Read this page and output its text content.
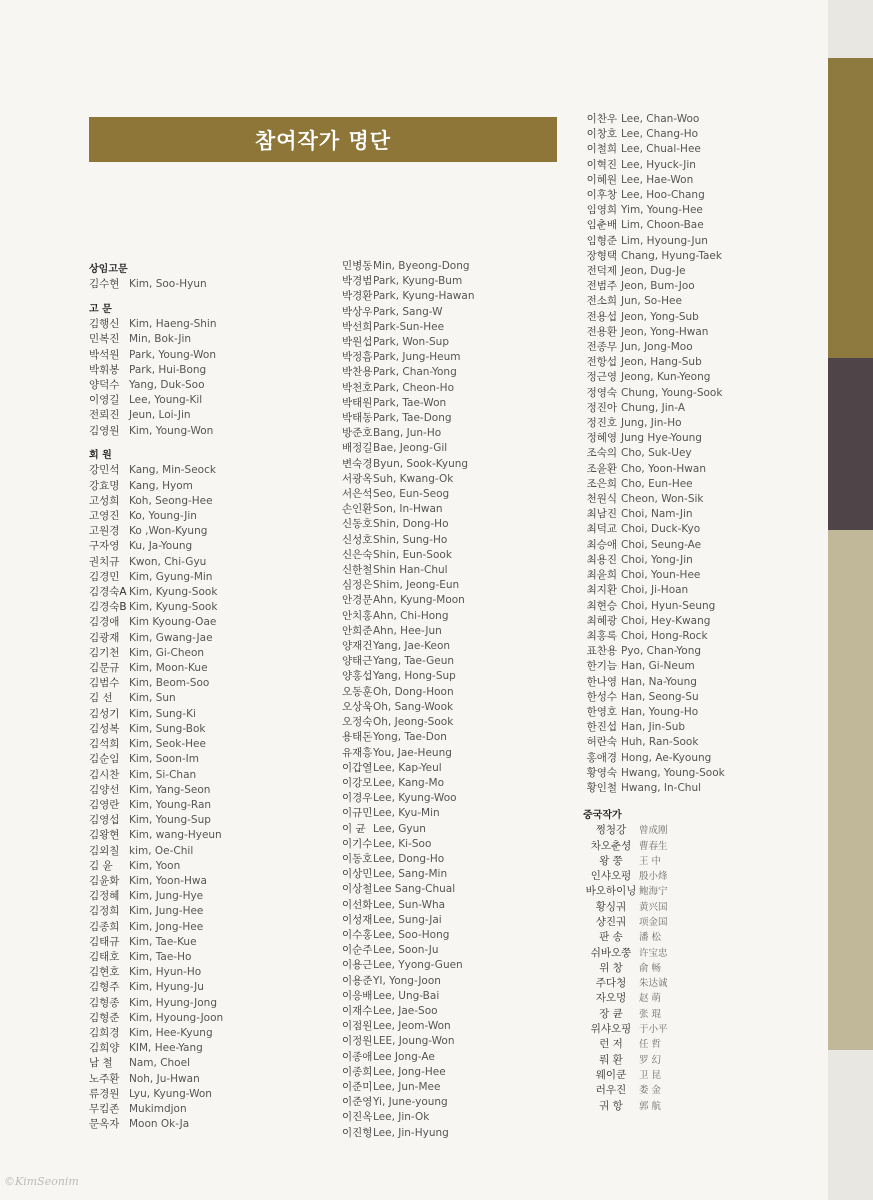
참여작가 명단
상임고문
김수현 Kim, Soo-Hyun
고 문
김행신 Kim, Haeng-Shin
민복진 Min, Bok-Jin
박석원 Park, Young-Won
박휘봉 Park, Hui-Bong
양덕수 Yang, Duk-Soo
이영길 Lee, Young-Kil
전뢰진 Jeun, Loi-Jin
김영원 Kim, Young-Won
회 원
강민석 Kang, Min-Seock
강효명 Kang, Hyom
고성희 Koh, Seong-Hee
고영진 Ko, Young-Jin
고원경 Ko ,Won-Kyung
구자영 Ku, Ja-Young
권치규 Kwon, Chi-Gyu
김경민 Kim, Gyung-Min
김경숙A Kim, Kyung-Sook
김경숙B Kim, Kyung-Sook
김경애 Kim Kyoung-Oae
김광재 Kim, Gwang-Jae
김기천 Kim, Gi-Cheon
김문규 Kim, Moon-Kue
김범수 Kim, Beom-Soo
김 선	Kim, Sun
김성기 Kim, Sung-Ki
김성복 Kim, Sung-Bok
김석희 Kim, Seok-Hee
김순임 Kim, Soon-Im
김시찬 Kim, Si-Chan
김양선 Kim, Yang-Seon
김영란 Kim, Young-Ran
김영섭 Kim, Young-Sup
김왕현 Kim, wang-Hyeun
김외칠 kim, Oe-Chil
김 윤	Kim, Yoon
김윤화 Kim, Yoon-Hwa
김정혜 Kim, Jung-Hye
김정희 Kim, Jung-Hee
김종희 Kim, Jong-Hee
김태규 Kim, Tae-Kue
김태호 Kim, Tae-Ho
김현호 Kim, Hyun-Ho
김형주 Kim, Hyung-Ju
김형종 Kim, Hyung-Jong
김형준 Kim, Hyoung-Joon
김희경 Kim, Hee-Kyung
김희양 KIM, Hee-Yang
남 철	Nam, Choel
노주환 Noh, Ju-Hwan
류경원 Lyu, Kyung-Won
무킴존 Mukimdjon
문옥자 Moon Ok-Ja
민병동 Min, Byeong-Dong
박경범 Park, Kyung-Bum
박경환 Park, Kyung-Hawan
박상우 Park, Sang-W
박선희 Park-Sun-Hee
박원섭 Park, Won-Sup
박정흠 Park, Jung-Heum
박찬용 Park, Chan-Yong
박천호 Park, Cheon-Ho
박태원 Park, Tae-Won
박태동 Park, Tae-Dong
방준호 Bang, Jun-Ho
배정길 Bae, Jeong-Gil
변숙경 Byun, Sook-Kyung
서광옥 Suh, Kwang-Ok
서은석 Seo, Eun-Seog
손인환 Son, In-Hwan
신동호 Shin, Dong-Ho
신성호 Shin, Sung-Ho
신은숙 Shin, Eun-Sook
신한철 Shin Han-Chul
심정은 Shim, Jeong-Eun
안경문 Ahn, Kyung-Moon
안치홍 Ahn, Chi-Hong
안희준 Ahn, Hee-Jun
양재건 Yang, Jae-Keon
양태근 Yang, Tae-Geun
양홍섭 Yang, Hong-Sup
오동훈 Oh, Dong-Hoon
오상욱 Oh, Sang-Wook
오정숙 Oh, Jeong-Sook
용태돈 Yong, Tae-Don
유재흥 You, Jae-Heung
이갑열 Lee, Kap-Yeul
이강모 Lee, Kang-Mo
이경우 Lee, Kyung-Woo
이규민 Lee, Kyu-Min
이 균 Lee, Gyun
이기수 Lee, Ki-Soo
이동호 Lee, Dong-Ho
이상민 Lee, Sang-Min
이상철 Lee Sang-Chual
이선화 Lee, Sun-Wha
이성재 Lee, Sung-Jai
이수홍 Lee, Soo-Hong
이순주 Lee, Soon-Ju
이용근 Lee, Yyong-Guen
이용준 YI, Yong-Joon
이응배 Lee, Ung-Bai
이재수 Lee, Jae-Soo
이점원 Lee, Jeom-Won
이정원 LEE, Joung-Won
이종애 Lee Jong-Ae
이종희 Lee, Jong-Hee
이준미 Lee, Jun-Mee
이준영 Yi, June-young
이진옥 Lee, Jin-Ok
이진형 Lee, Jin-Hyung
이찬우 Lee, Chan-Woo
이창호 Lee, Chang-Ho
이철희 Lee, Chual-Hee
이혁진 Lee, Hyuck-Jin
이혜원 Lee, Hae-Won
이후창 Lee, Hoo-Chang
임영희 Yim, Young-Hee
임춘배 Lim, Choon-Bae
임형준 Lim, Hyoung-Jun
장형택 Chang, Hyung-Taek
전덕제 Jeon, Dug-Je
전범주 Jeon, Bum-Joo
전소희 Jun, So-Hee
전용섭 Jeon, Yong-Sub
전용환 Jeon, Yong-Hwan
전종무 Jun, Jong-Moo
전항섭 Jeon, Hang-Sub
정근영 Jeong, Kun-Yeong
정영숙 Chung, Young-Sook
정진아 Chung, Jin-A
정진호 Jung, Jin-Ho
정혜영 Jung Hye-Young
조숙의 Cho, Suk-Uey
조윤환 Cho, Yoon-Hwan
조은희 Cho, Eun-Hee
천원식 Cheon, Won-Sik
최남진 Choi, Nam-Jin
최덕교 Choi, Duck-Kyo
최승애 Choi, Seung-Ae
최용진 Choi, Yong-Jin
최윤희 Choi, Youn-Hee
최지환 Choi, Ji-Hoan
최현승 Choi, Hyun-Seung
최혜광 Choi, Hey-Kwang
최홍록 Choi, Hong-Rock
표찬용 Pyo, Chan-Yong
한기늠 Han, Gi-Neum
한나영 Han, Na-Young
한성수 Han, Seong-Su
한영호 Han, Young-Ho
한진섭 Han, Jin-Sub
허란숙 Huh, Ran-Sook
홍애경 Hong, Ae-Kyoung
황영숙 Hwang, Young-Sook
황인철 Hwang, In-Chul
중국작가
쩡청강	曾成刚
차오춘셩 曹春生
왕 쭝	王 中
인샤오펑 殷小烽
바오하이닝 鲍海宁
황싱궈	黄兴国
샹진궈	项金国
판 송	潘 松
쉬바오쭝 许宝忠
위 창	俞 畅
주다청	朱达诚
자오멍	赵 萌
장 큔	张 琨
위샤오핑 于小平
런 저	任 哲
뤄 환	罗 幻
웨이쿤	卫 昆
러우진	娄 金
궈 항	郭 航
©KimSeonim
